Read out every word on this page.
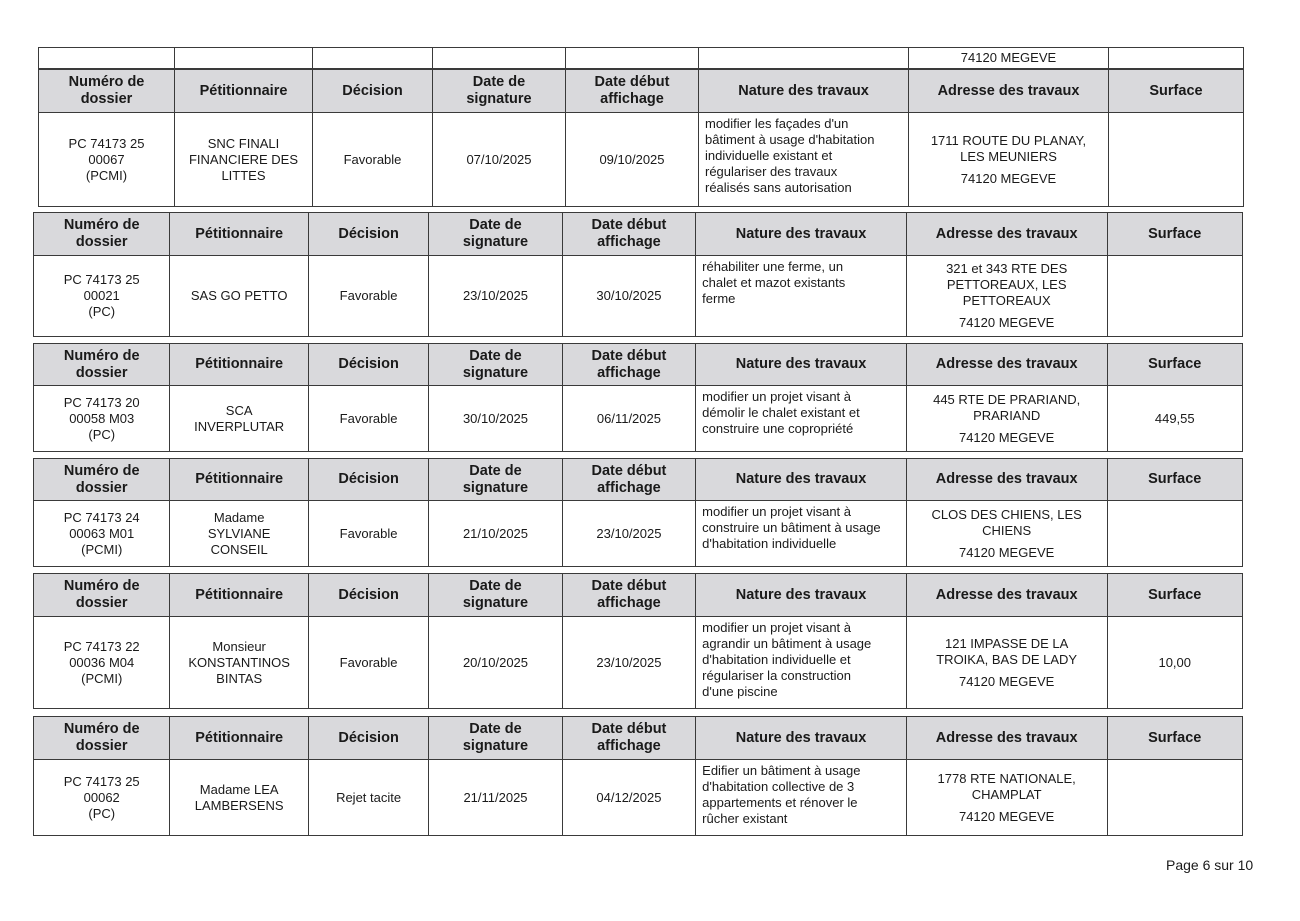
						74120 MEGEVE	
Numéro de
dossier	Pétitionnaire	Décision	Date de
signature	Date début
affichage	Nature des travaux	Adresse des travaux	Surface

PC 74173 25
00067
(PCMI)	SNC FINALI
FINANCIERE DES
LITTES	Favorable	07/10/2025	09/10/2025	modifier les façades d'un
bâtiment à usage d'habitation
individuelle existant et
régulariser des travaux
réalisés sans autorisation	1711 ROUTE DU PLANAY,
LES MEUNIERS
74120 MEGEVE	

Numéro de
dossier	Pétitionnaire	Décision	Date de
signature	Date début
affichage	Nature des travaux	Adresse des travaux	Surface

PC 74173 25
00021
(PC)	SAS GO PETTO	Favorable	23/10/2025	30/10/2025	réhabiliter une ferme, un
chalet et mazot existants
ferme	321 et 343 RTE DES
PETTOREAUX, LES
PETTOREAUX
74120 MEGEVE	

Numéro de
dossier	Pétitionnaire	Décision	Date de
signature	Date début
affichage	Nature des travaux	Adresse des travaux	Surface

PC 74173 20
00058 M03
(PC)	SCA
INVERPLUTAR	Favorable	30/10/2025	06/11/2025	modifier un projet visant à
démolir le chalet existant et
construire une copropriété	445 RTE DE PRARIAND,
PRARIAND
74120 MEGEVE	449,55
Numéro de
dossier	Pétitionnaire	Décision	Date de
signature	Date début
affichage	Nature des travaux	Adresse des travaux	Surface

PC 74173 24
00063 M01
(PCMI)	Madame
SYLVIANE
CONSEIL	Favorable	21/10/2025	23/10/2025	modifier un projet visant à
construire un bâtiment à usage
d'habitation individuelle	CLOS DES CHIENS, LES
CHIENS
74120 MEGEVE	

Numéro de
dossier	Pétitionnaire	Décision	Date de
signature	Date début
affichage	Nature des travaux	Adresse des travaux	Surface

PC 74173 22
00036 M04
(PCMI)	Monsieur
KONSTANTINOS
BINTAS	Favorable	20/10/2025	23/10/2025	modifier un projet visant à
agrandir un bâtiment à usage
d'habitation individuelle et
régulariser la construction
d'une piscine	121 IMPASSE DE LA
TROIKA, BAS DE LADY
74120 MEGEVE	10,00
Numéro de
dossier	Pétitionnaire	Décision	Date de
signature	Date début
affichage	Nature des travaux	Adresse des travaux	Surface

PC 74173 25
00062
(PC)	Madame LEA
LAMBERSENS	Rejet tacite	21/11/2025	04/12/2025	Edifier un bâtiment à usage
d'habitation collective de 3
appartements et rénover le
rûcher existant	1778 RTE NATIONALE,
CHAMPLAT
74120 MEGEVE	

Page 6 sur 10
